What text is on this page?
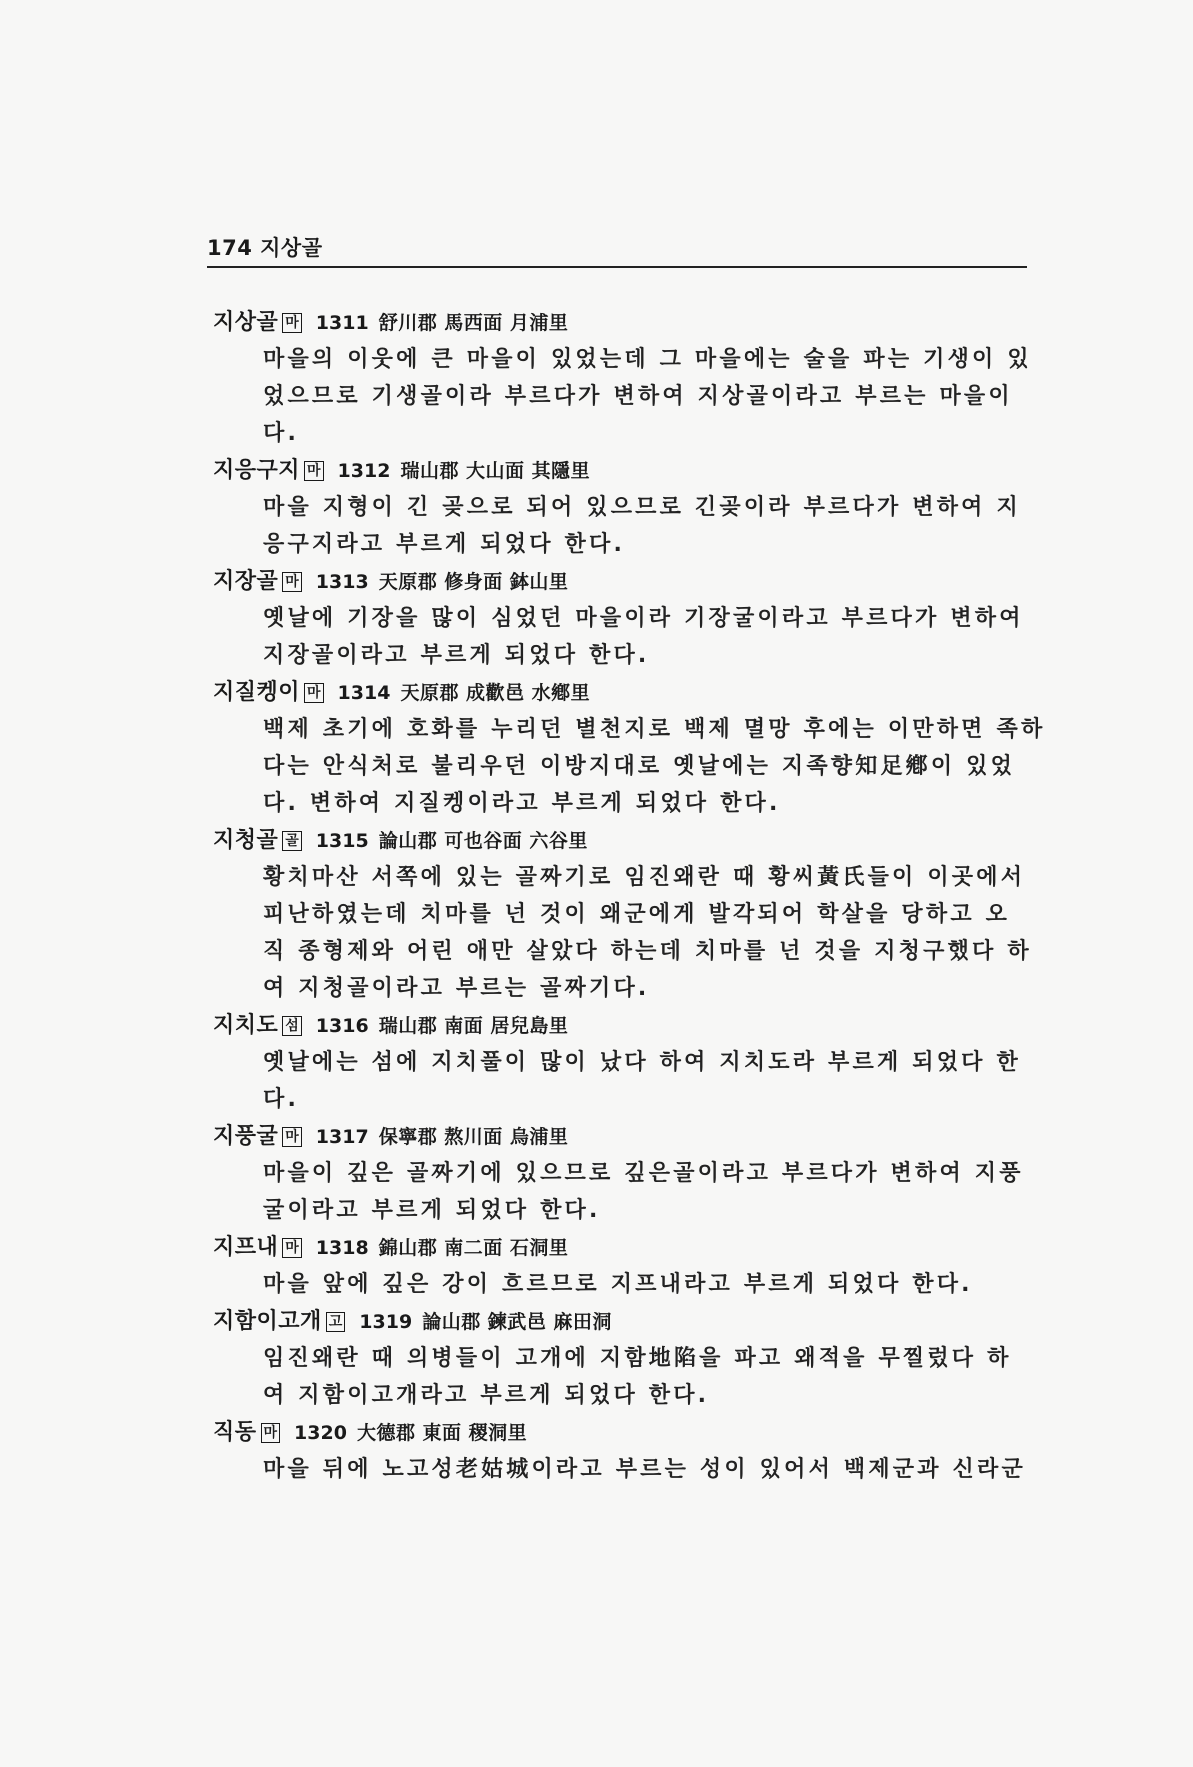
174 지상골
지상골 마 1311 舒川郡 馬西面 月浦里
마을의 이웃에 큰 마을이 있었는데 그 마을에는 술을 파는 기생이 있
었으므로 기생골이라 부르다가 변하여 지상골이라고 부르는 마을이
다.
지응구지 마 1312 瑞山郡 大山面 其隱里
마을 지형이 긴 곶으로 되어 있으므로 긴곶이라 부르다가 변하여 지
응구지라고 부르게 되었다 한다.
지장골 마 1313 天原郡 修身面 鉢山里
옛날에 기장을 많이 심었던 마을이라 기장굴이라고 부르다가 변하여
지장골이라고 부르게 되었다 한다.
지질켕이 마 1314 天原郡 成歡邑 水鄕里
백제 초기에 호화를 누리던 별천지로 백제 멸망 후에는 이만하면 족하
다는 안식처로 불리우던 이방지대로 옛날에는 지족향知足鄕이 있었
다. 변하여 지질켕이라고 부르게 되었다 한다.
지청골 골 1315 論山郡 可也谷面 六谷里
황치마산 서쪽에 있는 골짜기로 임진왜란 때 황씨黃氏들이 이곳에서
피난하였는데 치마를 넌 것이 왜군에게 발각되어 학살을 당하고 오
직 종형제와 어린 애만 살았다 하는데 치마를 넌 것을 지청구했다 하
여 지청골이라고 부르는 골짜기다.
지치도 섬 1316 瑞山郡 南面 居兒島里
옛날에는 섬에 지치풀이 많이 났다 하여 지치도라 부르게 되었다 한
다.
지풍굴 마 1317 保寧郡 熬川面 烏浦里
마을이 깊은 골짜기에 있으므로 깊은골이라고 부르다가 변하여 지풍
굴이라고 부르게 되었다 한다.
지프내 마 1318 錦山郡 南二面 石洞里
마을 앞에 깊은 강이 흐르므로 지프내라고 부르게 되었다 한다.
지함이고개 고 1319 論山郡 鍊武邑 麻田洞
임진왜란 때 의병들이 고개에 지함地陷을 파고 왜적을 무찔렀다 하
여 지함이고개라고 부르게 되었다 한다.
직동 마 1320 大德郡 東面 稷洞里
마을 뒤에 노고성老姑城이라고 부르는 성이 있어서 백제군과 신라군
